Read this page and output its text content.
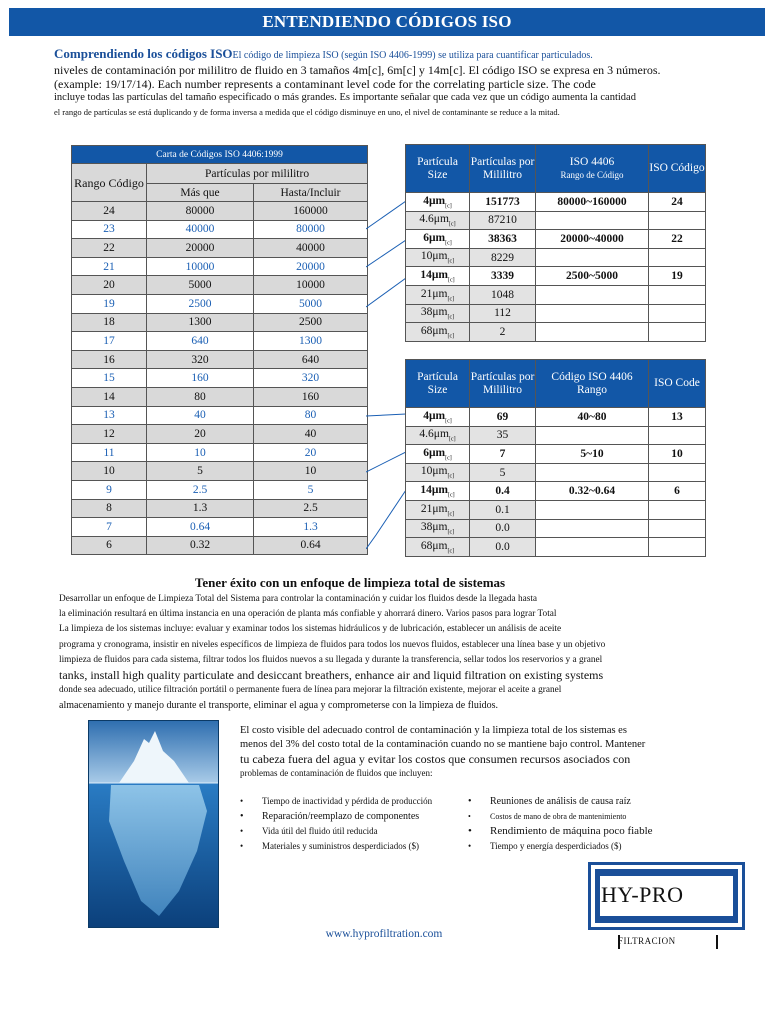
ENTENDIENDO CÓDIGOS ISO
Comprendiendo los códigos ISOEl código de limpieza ISO (según ISO 4406-1999) se utiliza para cuantificar particulados.
niveles de contaminación por mililitro de fluido en 3 tamaños 4m[c], 6m[c] y 14m[c]. El código ISO se expresa en 3 números.
(example: 19/17/14). Each number represents a contaminant level code for the correlating particle size. The code
incluye todas las partículas del tamaño especificado o más grandes. Es importante señalar que cada vez que un código aumenta la cantidad
el rango de partículas se está duplicando y de forma inversa a medida que el código disminuye en uno, el nivel de contaminante se reduce a la mitad.
Carta de Códigos ISO 4406:1999		
Rango Código	Partículas por mililitro	
	Más que	Hasta/Incluir
24	80000	160000
23	40000	80000
22	20000	40000
21	10000	20000
20	5000	10000
19	2500	5000
18	1300	2500
17	640	1300
16	320	640
15	160	320
14	80	160
13	40	80
12	20	40
11	10	20
10	5	10
9	2.5	5
8	1.3	2.5
7	0.64	1.3
6	0.32	0.64
Partícula Size	Partículas por Mililitro	ISO 4406
Rango de Código	ISO Código
$4\mu m_{[c]}$	151773	80000~160000	24
$4.6\mu m_{[c]}$	87210		
$6\mu m_{[c]}$	38363	20000~40000	22
$10\mu m_{[c]}$	8229		
$14\mu m_{[c]}$	3339	2500~5000	19
$21\mu m_{[c]}$	1048		
$38\mu m_{[c]}$	112		
$68\mu m_{[c]}$	2		
Partícula Size	Partículas por Mililitro	Código ISO 4406 Rango	ISO Code
$4\mu m_{[c]}$	69	40~80	13
$4.6\mu m_{[c]}$	35		
$6\mu m_{[c]}$	7	5~10	10
$10\mu m_{[c]}$	5		
$14\mu m_{[c]}$	0.4	0.32~0.64	6
$21\mu m_{[c]}$	0.1		
$38\mu m_{[c]}$	0.0		
$68\mu m_{[c]}$	0.0		
Tener éxito con un enfoque de limpieza total de sistemas
Desarrollar un enfoque de Limpieza Total del Sistema para controlar la contaminación y cuidar los fluidos desde la llegada hasta
la eliminación resultará en última instancia en una operación de planta más confiable y ahorrará dinero. Varios pasos para lograr Total
La limpieza de los sistemas incluye: evaluar y examinar todos los sistemas hidráulicos y de lubricación, establecer un análisis de aceite
programa y cronograma, insistir en niveles específicos de limpieza de fluidos para todos los nuevos fluidos, establecer una línea base y un objetivo
limpieza de fluidos para cada sistema, filtrar todos los fluidos nuevos a su llegada y durante la transferencia, sellar todos los reservorios y a granel
tanks, install high quality particulate and desiccant breathers, enhance air and liquid filtration on existing systems
donde sea adecuado, utilice filtración portátil o permanente fuera de línea para mejorar la filtración existente, mejorar el aceite a granel
almacenamiento y manejo durante el transporte, eliminar el agua y comprometerse con la limpieza de fluidos.
El costo visible del adecuado control de contaminación y la limpieza total de los sistemas es
menos del 3% del costo total de la contaminación cuando no se mantiene bajo control. Mantener
tu cabeza fuera del agua y evitar los costos que consumen recursos asociados con
problemas de contaminación de fluidos que incluyen:
• Tiempo de inactividad y pérdida de producción
• Reparación/reemplazo de componentes
• Vida útil del fluido útil reducida
• Materiales y suministros desperdiciados ($)
• Reuniones de análisis de causa raíz
• Costos de mano de obra de mantenimiento
• Rendimiento de máquina poco fiable
• Tiempo y energía desperdiciados ($)
HY-PRO
FILTRACION
www.hyprofiltration.com
